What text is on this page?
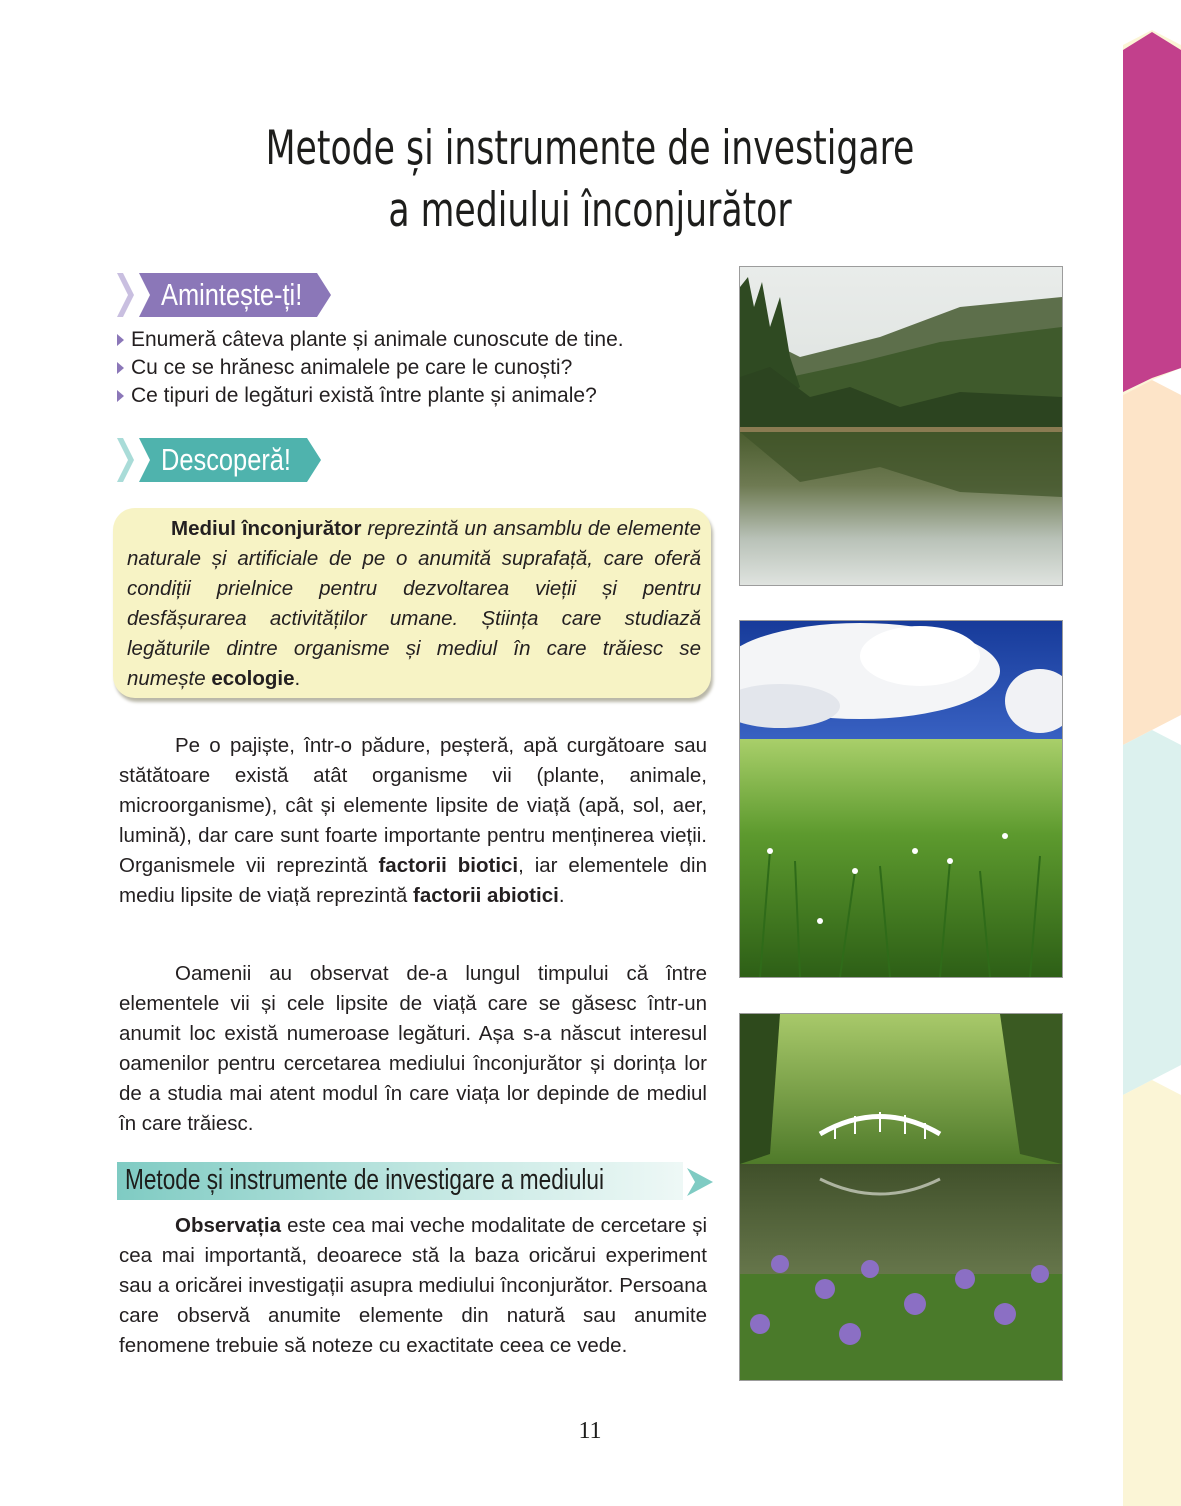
Metode și instrumente de investigare
a mediului înconjurător
Amintește-ți!
Enumeră câteva plante și animale cunoscute de tine.
Cu ce se hrănesc animalele pe care le cunoști?
Ce tipuri de legături există între plante și animale?
Descoperă!

Mediul înconjurător reprezintă un ansamblu de elemente naturale și artificiale de pe o anumită suprafață, care oferă condiții prielnice pentru dezvoltarea vieții și pentru desfășurarea activităților umane. Știința care studiază legăturile dintre organisme și mediul în care trăiesc se numește ecologie.

Pe o pajiște, într-o pădure, peșteră, apă curgătoare sau stătătoare există atât organisme vii (plante, animale, microorganisme), cât și elemente lipsite de viață (apă, sol, aer, lumină), dar care sunt foarte importante pentru menținerea vieții. Organismele vii reprezintă factorii biotici, iar elementele din mediu lipsite de viață reprezintă factorii abiotici.

Oamenii au observat de-a lungul timpului că între elementele vii și cele lipsite de viață care se găsesc într-un anumit loc există numeroase legături. Așa s-a născut interesul oamenilor pentru cercetarea mediului înconjurător și dorința lor de a studia mai atent modul în care viața lor depinde de mediul în care trăiesc.

Metode și instrumente de investigare a mediului

Observația este cea mai veche modalitate de cercetare și cea mai importantă, deoarece stă la baza oricărui experiment sau a oricărei investigații asupra mediului înconjurător. Persoana care observă anumite elemente din natură sau anumite fenomene trebuie să noteze cu exactitate ceea ce vede.

11
